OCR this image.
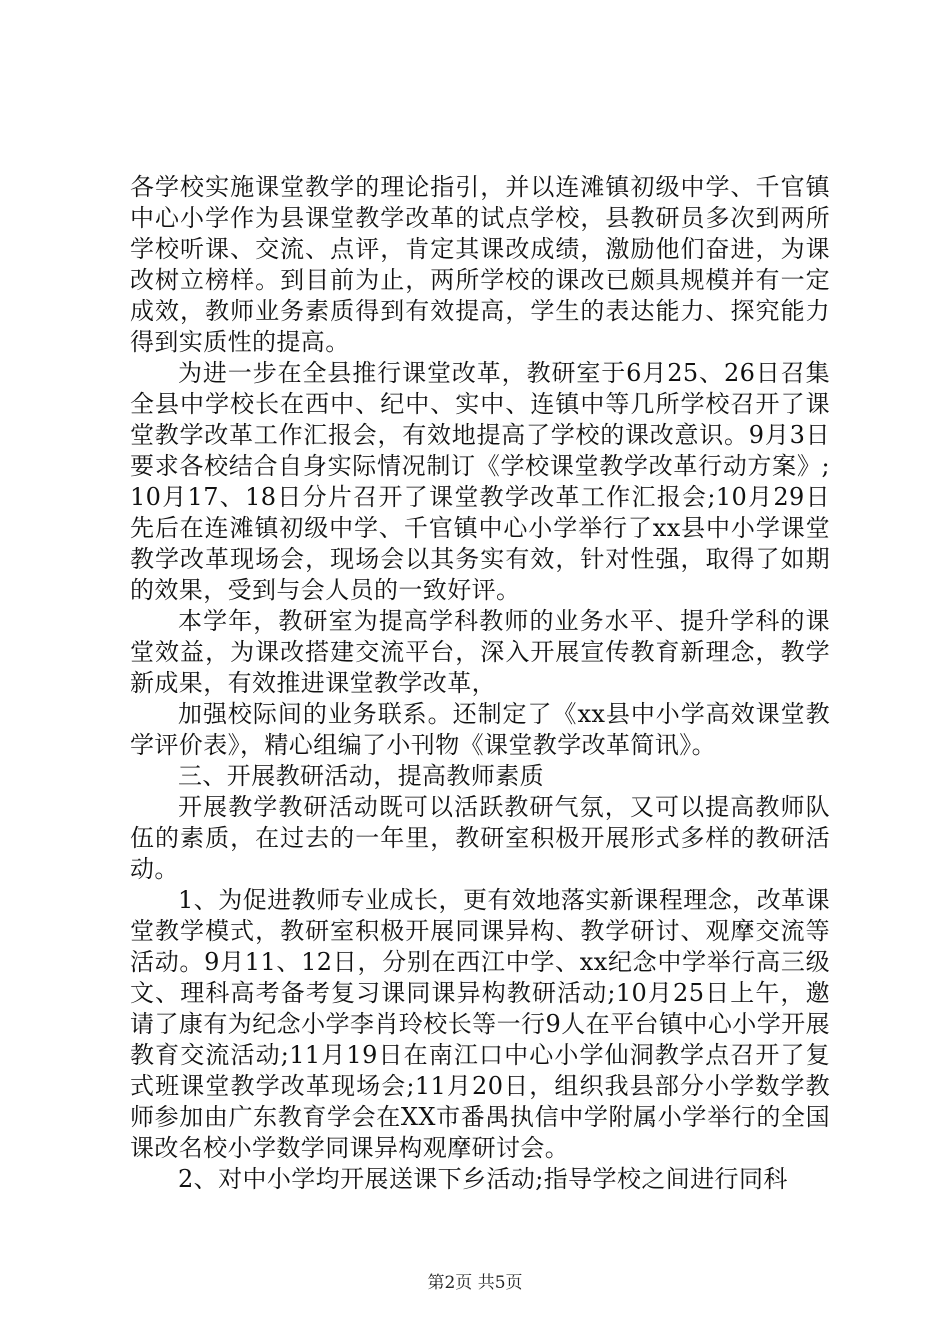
各学校实施课堂教学的理论指引，并以连滩镇初级中学、千官镇中心小学作为县课堂教学改革的试点学校，县教研员多次到两所学校听课、交流、点评，肯定其课改成绩，激励他们奋进，为课改树立榜样。到目前为止，两所学校的课改已颇具规模并有一定成效，教师业务素质得到有效提高，学生的表达能力、探究能力得到实质性的提高。

为进一步在全县推行课堂改革，教研室于6月25、26日召集全县中学校长在西中、纪中、实中、连镇中等几所学校召开了课堂教学改革工作汇报会，有效地提高了学校的课改意识。9月3日要求各校结合自身实际情况制订《学校课堂教学改革行动方案》;10月17、18日分片召开了课堂教学改革工作汇报会;10月29日先后在连滩镇初级中学、千官镇中心小学举行了xx县中小学课堂教学改革现场会，现场会以其务实有效，针对性强，取得了如期的效果，受到与会人员的一致好评。

本学年，教研室为提高学科教师的业务水平、提升学科的课堂效益，为课改搭建交流平台，深入开展宣传教育新理念，教学新成果，有效推进课堂教学改革，

加强校际间的业务联系。还制定了《xx县中小学高效课堂教学评价表》，精心组编了小刊物《课堂教学改革简讯》。

三、开展教研活动，提高教师素质

开展教学教研活动既可以活跃教研气氛，又可以提高教师队伍的素质，在过去的一年里，教研室积极开展形式多样的教研活动。

1、为促进教师专业成长，更有效地落实新课程理念，改革课堂教学模式，教研室积极开展同课异构、教学研讨、观摩交流等活动。9月11、12日，分别在西江中学、xx纪念中学举行高三级文、理科高考备考复习课同课异构教研活动;10月25日上午，邀请了康有为纪念小学李肖玲校长等一行9人在平台镇中心小学开展教育交流活动;11月19日在南江口中心小学仙洞教学点召开了复式班课堂教学改革现场会;11月20日，组织我县部分小学数学教师参加由广东教育学会在XX市番禺执信中学附属小学举行的全国课改名校小学数学同课异构观摩研讨会。

2、对中小学均开展送课下乡活动;指导学校之间进行同科

第2页 共5页
